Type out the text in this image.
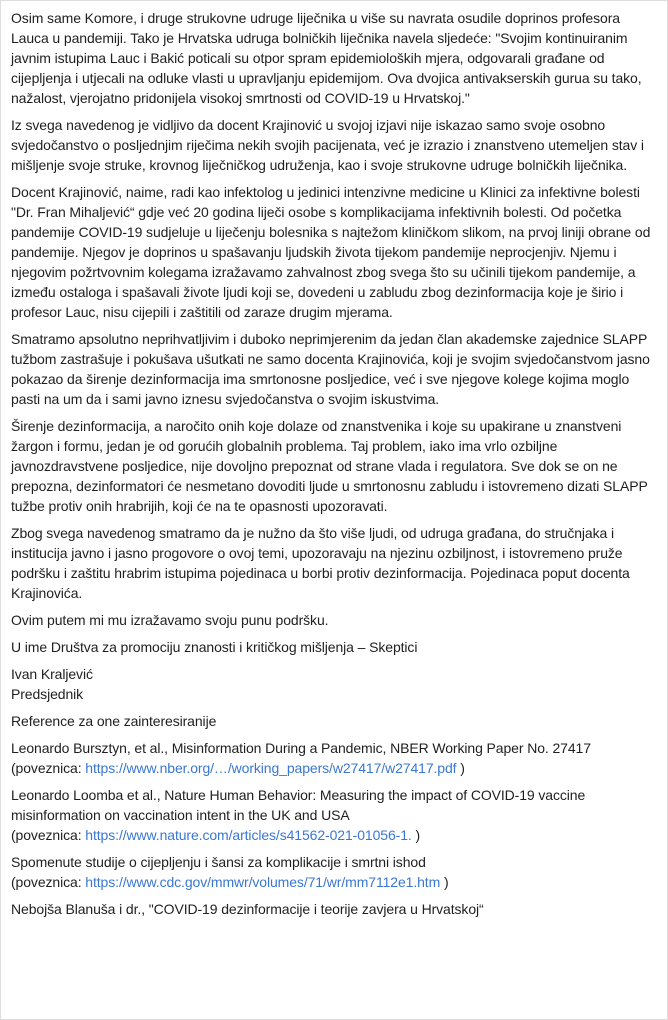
Osim same Komore, i druge strukovne udruge liječnika u više su navrata osudile doprinos profesora Lauca u pandemiji. Tako je Hrvatska udruga bolničkih liječnika navela sljedeće: "Svojim kontinuiranim javnim istupima Lauc i Bakić poticali su otpor spram epidemioloških mjera, odgovarali građane od cijepljenja i utjecali na odluke vlasti u upravljanju epidemijom. Ova dvojica antivakserskih gurua su tako, nažalost, vjerojatno pridonijela visokoj smrtnosti od COVID-19 u Hrvatskoj."

Iz svega navedenog je vidljivo da docent Krajinović u svojoj izjavi nije iskazao samo svoje osobno svjedočanstvo o posljednjim riječima nekih svojih pacijenata, već je izrazio i znanstveno utemeljen stav i mišljenje svoje struke, krovnog liječničkog udruženja, kao i svoje strukovne udruge bolničkih liječnika.

Docent Krajinović, naime, radi kao infektolog u jedinici intenzivne medicine u Klinici za infektivne bolesti "Dr. Fran Mihaljević“ gdje već 20 godina liječi osobe s komplikacijama infektivnih bolesti. Od početka pandemije COVID-19 sudjeluje u liječenju bolesnika s najtežom kliničkom slikom, na prvoj liniji obrane od pandemije. Njegov je doprinos u spašavanju ljudskih života tijekom pandemije neprocjenjiv. Njemu i njegovim požrtvovnim kolegama izražavamo zahvalnost zbog svega što su učinili tijekom pandemije, a između ostaloga i spašavali živote ljudi koji se, dovedeni u zabludu zbog dezinformacija koje je širio i profesor Lauc, nisu cijepili i zaštitili od zaraze drugim mjerama.

Smatramo apsolutno neprihvatljivim i duboko neprimjerenim da jedan član akademske zajednice SLAPP tužbom zastrašuje i pokušava ušutkati ne samo docenta Krajinovića, koji je svojim svjedočanstvom jasno pokazao da širenje dezinformacija ima smrtonosne posljedice, već i sve njegove kolege kojima moglo pasti na um da i sami javno iznesu svjedočanstva o svojim iskustvima.

Širenje dezinformacija, a naročito onih koje dolaze od znanstvenika i koje su upakirane u znanstveni žargon i formu, jedan je od gorućih globalnih problema. Taj problem, iako ima vrlo ozbiljne javnozdravstvene posljedice, nije dovoljno prepoznat od strane vlada i regulatora. Sve dok se on ne prepozna, dezinformatori će nesmetano dovoditi ljude u smrtonosnu zabludu i istovremeno dizati SLAPP tužbe protiv onih hrabrijih, koji će na te opasnosti upozoravati.

Zbog svega navedenog smatramo da je nužno da što više ljudi, od udruga građana, do stručnjaka i institucija javno i jasno progovore o ovoj temi, upozoravaju na njezinu ozbiljnost, i istovremeno pruže podršku i zaštitu hrabrim istupima pojedinaca u borbi protiv dezinformacija. Pojedinaca poput docenta Krajinovića.

Ovim putem mi mu izražavamo svoju punu podršku.

U ime Društva za promociju znanosti i kritičkog mišljenja – Skeptici

Ivan Kraljević
Predsjednik

Reference za one zainteresiranije

Leonardo Bursztyn, et al., Misinformation During a Pandemic, NBER Working Paper No. 27417
(poveznica: https://www.nber.org/…/working_papers/w27417/w27417.pdf )

Leonardo Loomba et al., Nature Human Behavior: Measuring the impact of COVID-19 vaccine misinformation on vaccination intent in the UK and USA
(poveznica: https://www.nature.com/articles/s41562-021-01056-1. )

Spomenute studije o cijepljenju i šansi za komplikacije i smrtni ishod
(poveznica: https://www.cdc.gov/mmwr/volumes/71/wr/mm7112e1.htm )

Nebojša Blanuša i dr., "COVID-19 dezinformacije i teorije zavjera u Hrvatskoj“
